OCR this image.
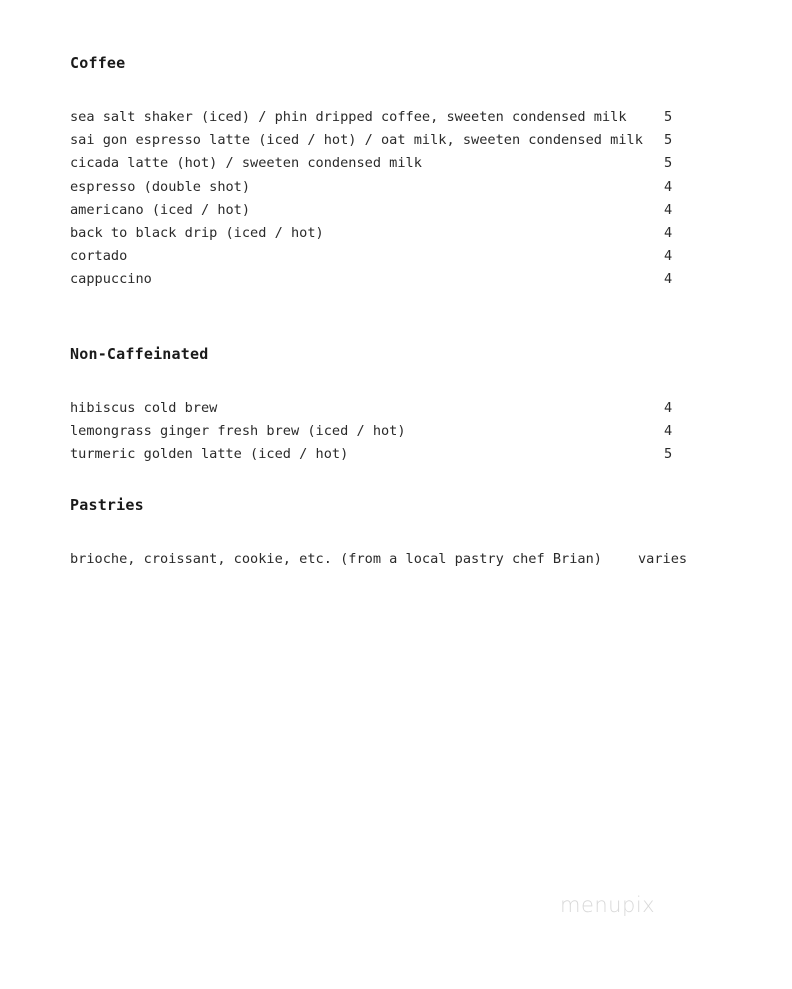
Coffee
sea salt shaker (iced) / phin dripped coffee, sweeten condensed milk	5
sai gon espresso latte (iced / hot) / oat milk, sweeten condensed milk 5
cicada latte (hot) / sweeten condensed milk	5
espresso (double shot)	4
americano (iced / hot)	4
back to black drip (iced / hot)	4
cortado	4
cappuccino	4
Non-Caffeinated
hibiscus cold brew	4
lemongrass ginger fresh brew (iced / hot)	4
turmeric golden latte (iced / hot)	5
Pastries
brioche, croissant, cookie, etc. (from a local pastry chef Brian)	varies
menupix
